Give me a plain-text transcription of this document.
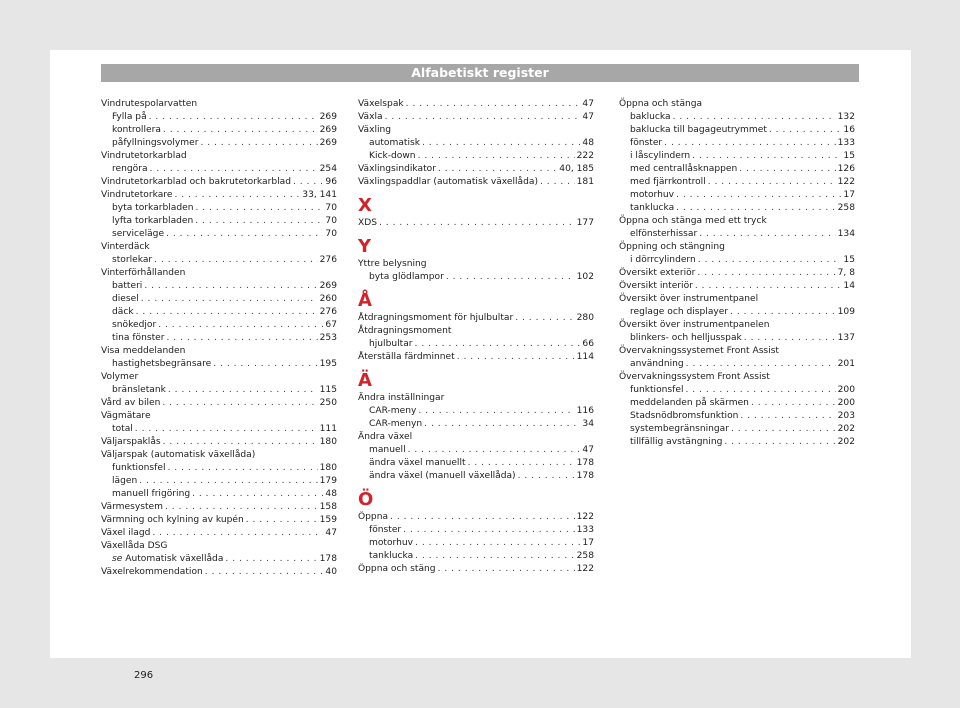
Alfabetiskt register
Vindrutespolarvatten
Fylla på . . .	269
kontrollera . . .	269
påfyllningsvolymer . . .	269
Vindrutetorkarblad
rengöra . . .	254
Vindrutetorkarblad och bakrutetorkarblad . . .	96
Vindrutetorkare . . .	33, 141
byta torkarbladen . . .	70
lyfta torkarbladen . . .	70
serviceläge . . .	70
Vinterdäck
storlekar . . .	276
Vinterförhållanden
batteri . . .	269
diesel . . .	260
däck . . .	276
snökedjor . . .	67
tina fönster . . .	253
Visa meddelanden
hastighetsbegränsare . . .	195
Volymer
bränsletank . . .	115
Vård av bilen . . .	250
Vägmätare
total . . .	111
Väljarspaklås . . .	180
Väljarspak (automatisk växellåda)
funktionsfel . . .	180
lägen . . .	179
manuell frigöring . . .	48
Värmesystem . . .	158
Värmning och kylning av kupén . . .	159
Växel ilagd . . .	47
Växellåda DSG
se Automatisk växellåda . . .	178
Växelrekommendation . . .	40
Växelspak . . .	47
Växla . . .	47
Växling
automatisk . . .	48
Kick-down . . .	222
Växlingsindikator . . .	40, 185
Växlingspaddlar (automatisk växellåda) . . .	181
X
XDS . . .	177
Y
Yttre belysning
byta glödlampor . . .	102
Å
Åtdragningsmoment för hjulbultar . . .	280
Åtdragningsmoment
hjulbultar . . .	66
Återställa färdminnet . . .	114
Ä
Ändra inställningar
CAR-meny . . .	116
CAR-menyn . . .	34
Ändra växel
manuell . . .	47
ändra växel manuellt . . .	178
ändra växel (manuell växellåda) . . .	178
Ö
Öppna . . .	122
fönster . . .	133
motorhuv . . .	17
tanklucka . . .	258
Öppna och stäng . . .	122
Öppna och stänga
baklucka . . .	132
baklucka till bagageutrymmet . . .	16
fönster . . .	133
i låscylindern . . .	15
med centrallåsknappen . . .	126
med fjärrkontroll . . .	122
motorhuv . . .	17
tanklucka . . .	258
Öppna och stänga med ett tryck
elfönsterhissar . . .	134
Öppning och stängning
i dörrcylindern . . .	15
Översikt exteriör . . .	7, 8
Översikt interiör . . .	14
Översikt över instrumentpanel
reglage och displayer . . .	109
Översikt över instrumentpanelen
blinkers- och helljusspak . . .	137
Övervakningssystemet Front Assist
användning . . .	201
Övervakningssystem Front Assist
funktionsfel . . .	200
meddelanden på skärmen . . .	200
Stadsnödbromsfunktion . . .	203
systembegränsningar . . .	202
tillfällig avstängning . . .	202
296
